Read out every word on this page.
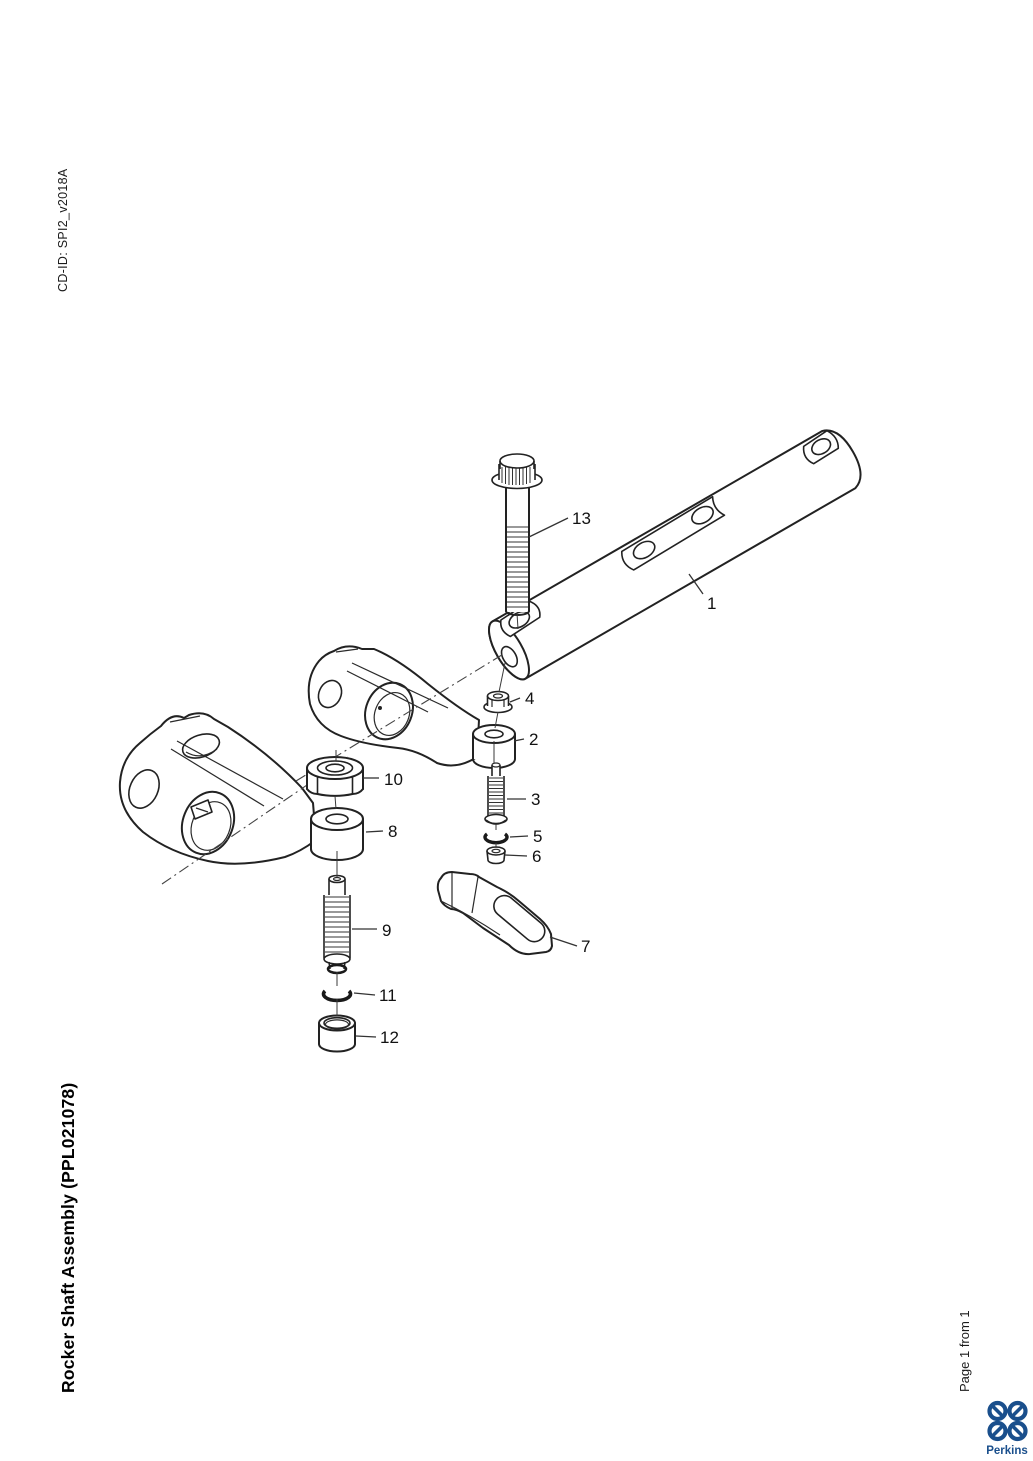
CD-ID: SPI2_v2018A
Rocker Shaft Assembly (PPL021078)	Page 1 from 1
1
2
3
4
5
6
7
8
9
10
11
12
13
Perkins
